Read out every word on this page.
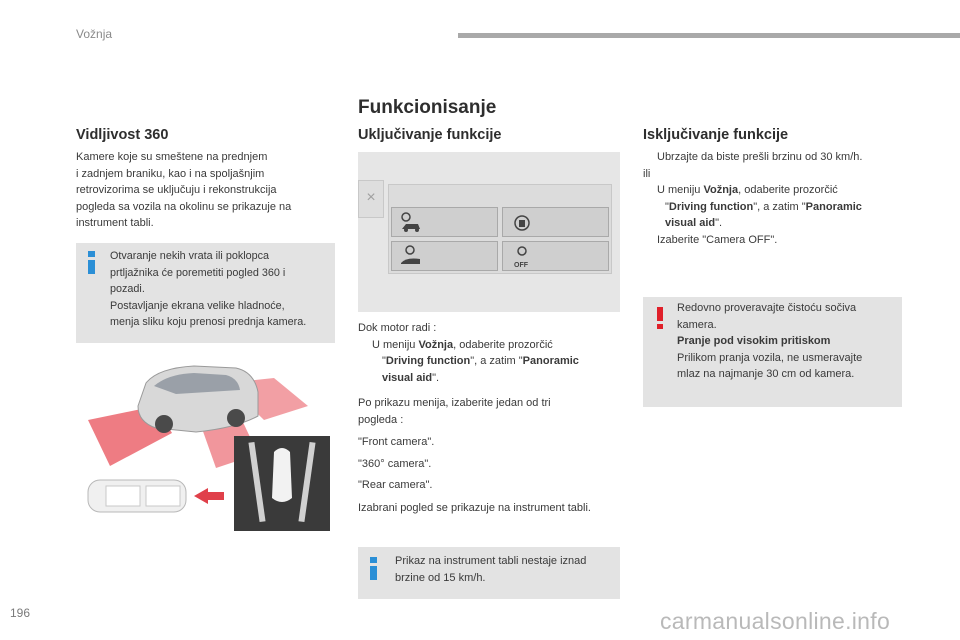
Vožnja
Funkcionisanje
Vidljivost 360
Kamere koje su smeštene na prednjem
i zadnjem braniku, kao i na spoljašnjim
retrovizorima se uključuju i rekonstrukcija
pogleda sa vozila na okolinu se prikazuje na
instrument tabli.
Otvaranje nekih vrata ili poklopca
prtljažnika će poremetiti pogled 360 i
pozadi.
Postavljanje ekrana velike hladnoće,
menja sliku koju prenosi prednja kamera.
Uključivanje funkcije
×
OFF
Dok motor radi :
U meniju Vožnja, odaberite prozorčić
"Driving function", a zatim "Panoramic
visual aid".
Po prikazu menija, izaberite jedan od tri
pogleda :
"Front camera".
"360° camera".
"Rear camera".
Izabrani pogled se prikazuje na instrument tabli.
Prikaz na instrument tabli nestaje iznad
brzine od 15 km/h.
Isključivanje funkcije
Ubrzajte da biste prešli brzinu od 30 km/h.
ili
U meniju Vožnja, odaberite prozorčić
"Driving function", a zatim "Panoramic
visual aid".
Izaberite "Camera OFF".
Redovno proveravajte čistoću sočiva
kamera.
Pranje pod visokim pritiskom
Prilikom pranja vozila, ne usmeravajte
mlaz na najmanje 30 cm od kamera.
196	carmanualsonline.info
